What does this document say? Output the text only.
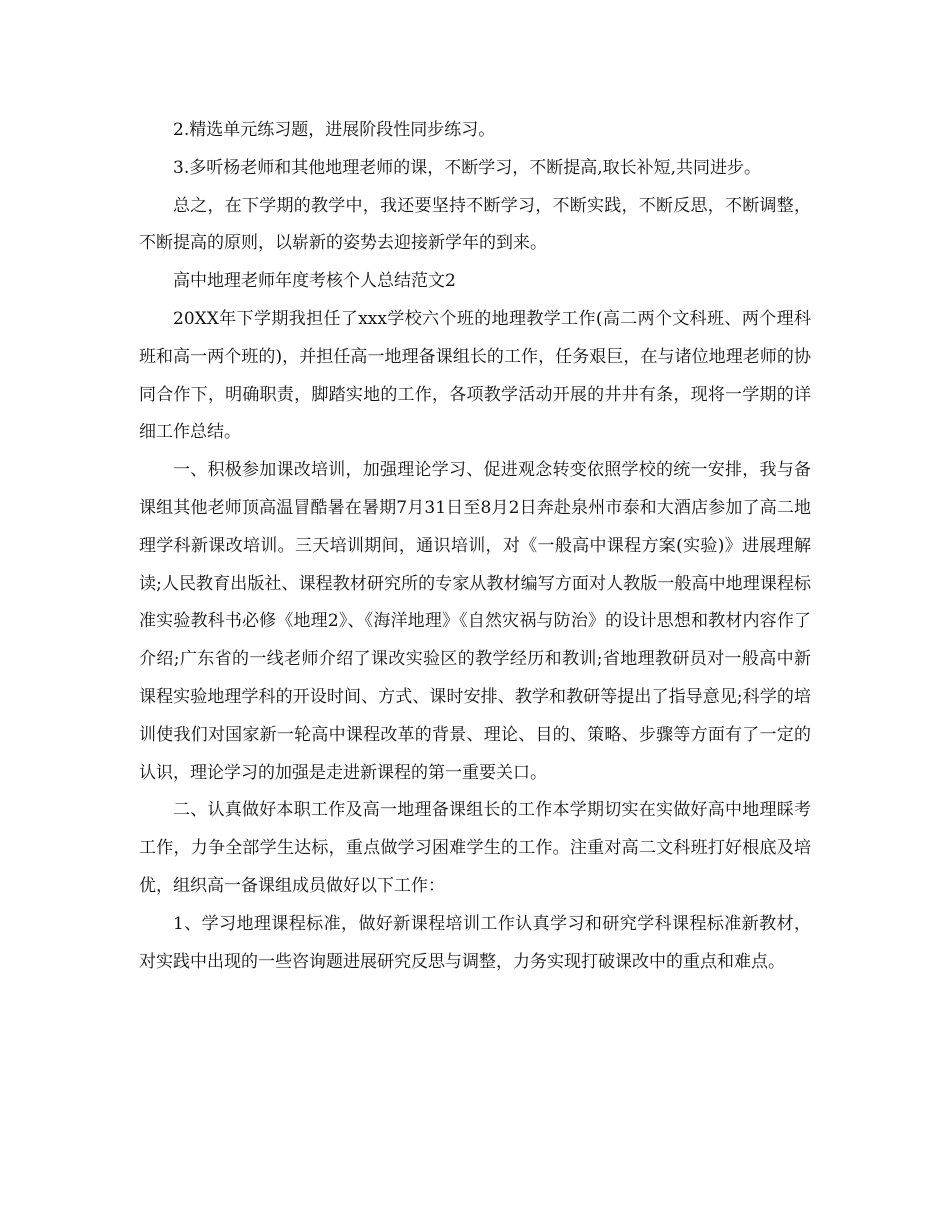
2.精选单元练习题，进展阶段性同步练习。

3.多听杨老师和其他地理老师的课，不断学习，不断提高,取长补短,共同进步。

总之，在下学期的教学中，我还要坚持不断学习，不断实践，不断反思，不断调整，不断提高的原则，以崭新的姿势去迎接新学年的到来。

高中地理老师年度考核个人总结范文2

20XX年下学期我担任了xxx学校六个班的地理教学工作(高二两个文科班、两个理科班和高一两个班的)，并担任高一地理备课组长的工作，任务艰巨，在与诸位地理老师的协同合作下，明确职责，脚踏实地的工作，各项教学活动开展的井井有条，现将一学期的详细工作总结。

一、积极参加课改培训，加强理论学习、促进观念转变依照学校的统一安排，我与备课组其他老师顶高温冒酷暑在暑期7月31日至8月2日奔赴泉州市泰和大酒店参加了高二地理学科新课改培训。三天培训期间，通识培训，对《一般高中课程方案(实验)》进展理解读;人民教育出版社、课程教材研究所的专家从教材编写方面对人教版一般高中地理课程标准实验教科书必修《地理2》、《海洋地理》《自然灾祸与防治》的设计思想和教材内容作了介绍;广东省的一线老师介绍了课改实验区的教学经历和教训;省地理教研员对一般高中新课程实验地理学科的开设时间、方式、课时安排、教学和教研等提出了指导意见;科学的培训使我们对国家新一轮高中课程改革的背景、理论、目的、策略、步骤等方面有了一定的认识，理论学习的加强是走进新课程的第一重要关口。

二、认真做好本职工作及高一地理备课组长的工作本学期切实在实做好高中地理睬考工作，力争全部学生达标，重点做学习困难学生的工作。注重对高二文科班打好根底及培优，组织高一备课组成员做好以下工作：

1、学习地理课程标准，做好新课程培训工作认真学习和研究学科课程标准新教材，对实践中出现的一些咨询题进展研究反思与调整，力务实现打破课改中的重点和难点。
